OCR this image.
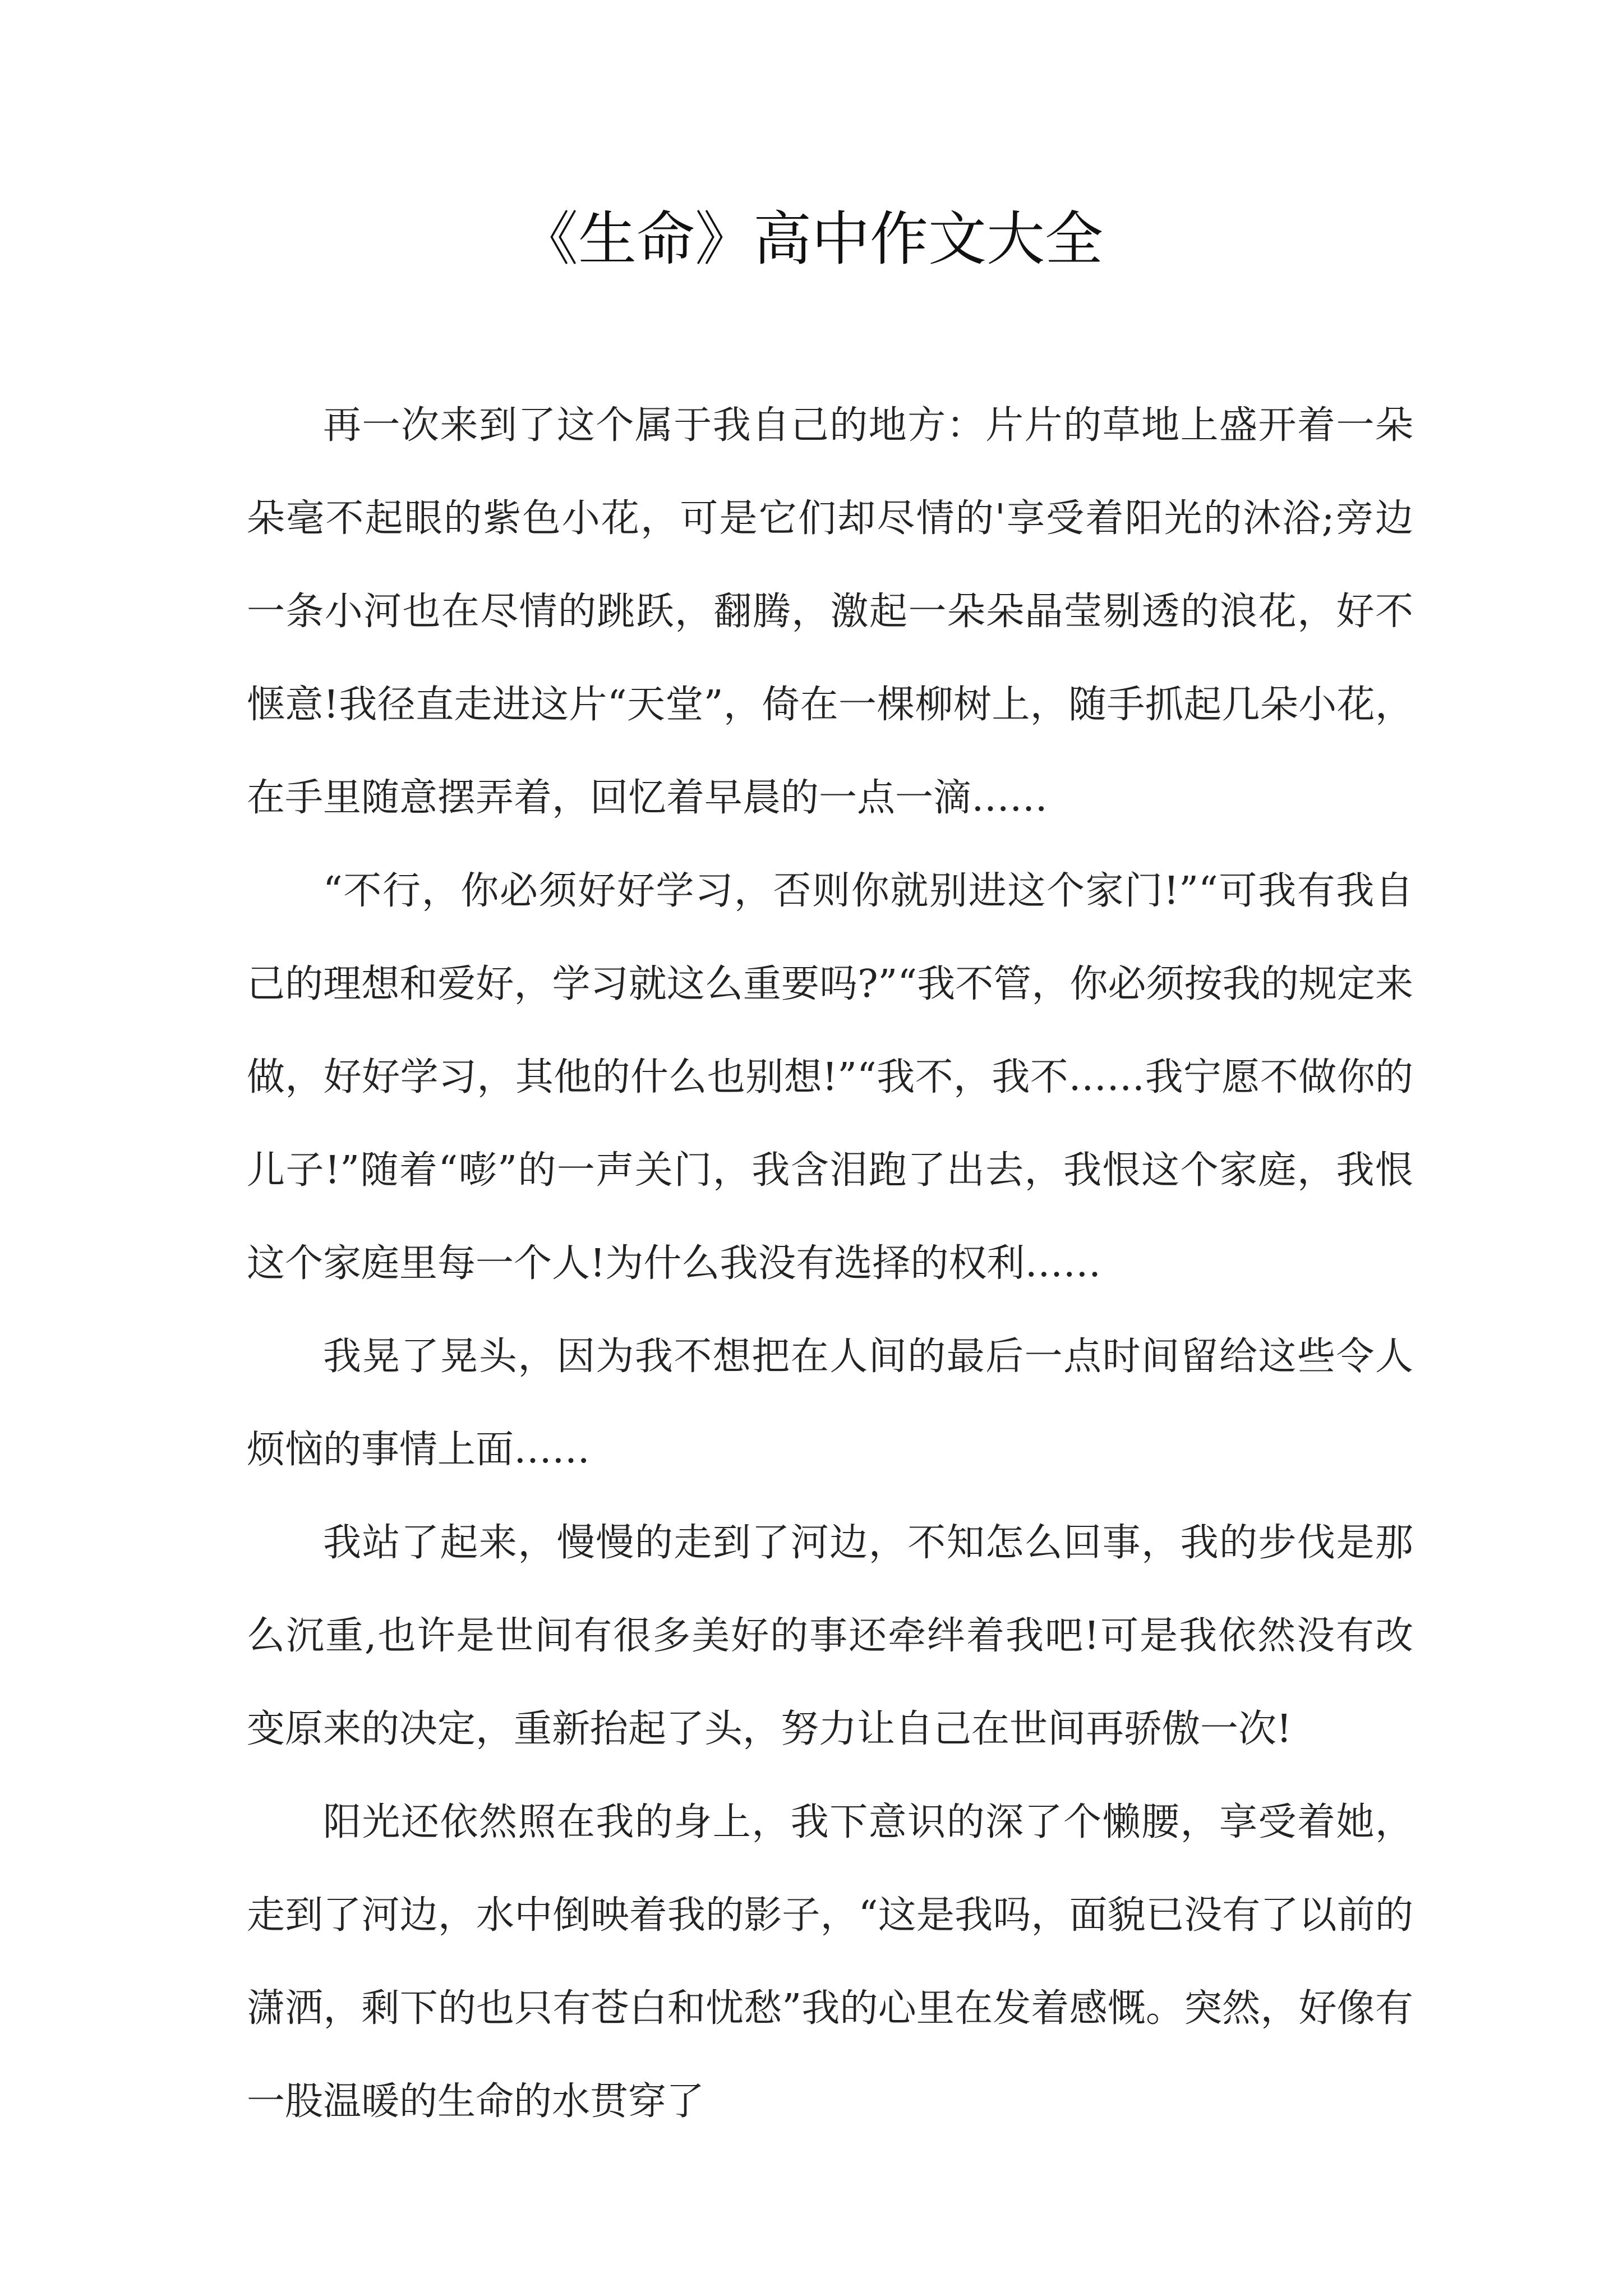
《生命》高中作文大全

再一次来到了这个属于我自己的地方：片片的草地上盛开着一朵朵毫不起眼的紫色小花，可是它们却尽情的'享受着阳光的沐浴;旁边一条小河也在尽情的跳跃，翻腾，激起一朵朵晶莹剔透的浪花，好不惬意!我径直走进这片“天堂”，倚在一棵柳树上，随手抓起几朵小花，在手里随意摆弄着，回忆着早晨的一点一滴……

“不行，你必须好好学习，否则你就别进这个家门!”“可我有我自己的理想和爱好，学习就这么重要吗?”“我不管，你必须按我的规定来做，好好学习，其他的什么也别想!”“我不，我不……我宁愿不做你的儿子!”随着“嘭”的一声关门，我含泪跑了出去，我恨这个家庭，我恨这个家庭里每一个人!为什么我没有选择的权利……

我晃了晃头，因为我不想把在人间的最后一点时间留给这些令人烦恼的事情上面……

我站了起来，慢慢的走到了河边，不知怎么回事，我的步伐是那么沉重,也许是世间有很多美好的事还牵绊着我吧!可是我依然没有改变原来的决定，重新抬起了头，努力让自己在世间再骄傲一次!

阳光还依然照在我的身上，我下意识的深了个懒腰，享受着她，走到了河边，水中倒映着我的影子，“这是我吗，面貌已没有了以前的潇洒，剩下的也只有苍白和忧愁”我的心里在发着感慨。突然，好像有一股温暖的生命的水贯穿了
